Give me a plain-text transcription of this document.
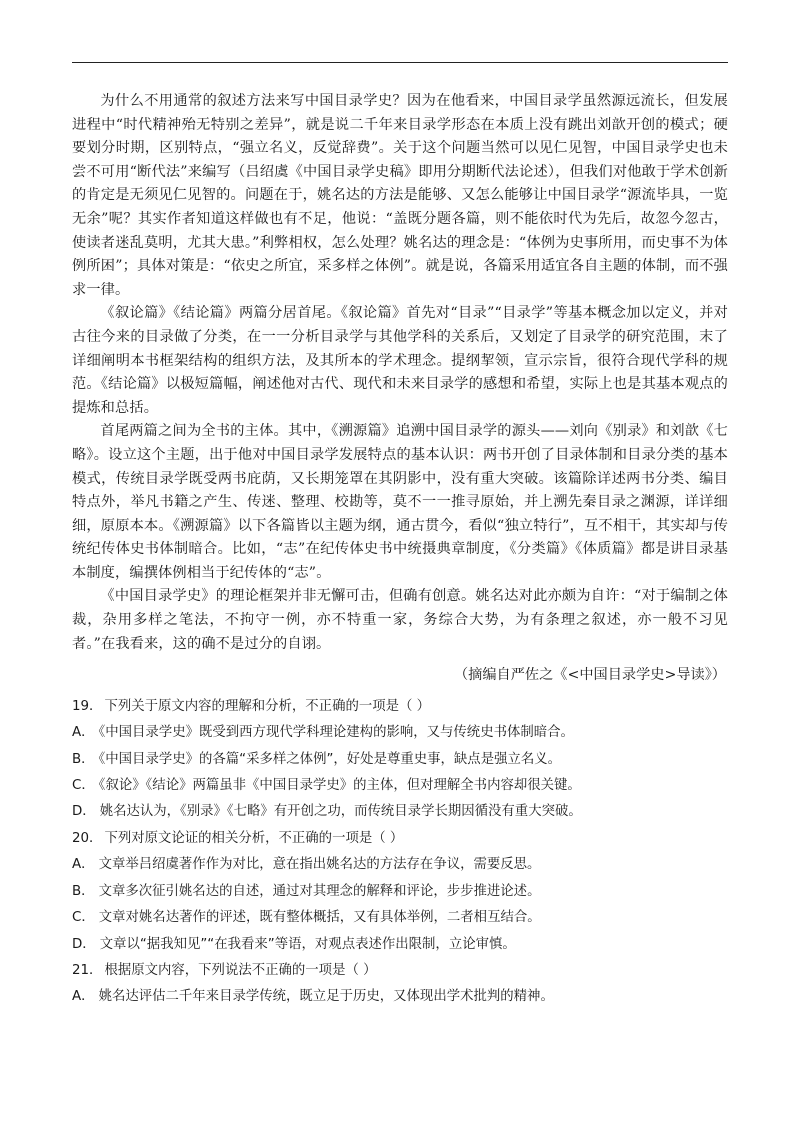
为什么不用通常的叙述方法来写中国目录学史？因为在他看来，中国目录学虽然源远流长，但发展进程中“时代精神殆无特别之差异”，就是说二千年来目录学形态在本质上没有跳出刘歆开创的模式；硬要划分时期，区别特点，“强立名义，反觉辞费”。关于这个问题当然可以见仁见智，中国目录学史也未尝不可用“断代法”来编写（吕绍虞《中国目录学史稿》即用分期断代法论述），但我们对他敢于学术创新的肯定是无须见仁见智的。问题在于，姚名达的方法是能够、又怎么能够让中国目录学“源流毕具，一览无余”呢？其实作者知道这样做也有不足，他说：“盖既分题各篇，则不能依时代为先后，故忽今忽古，使读者迷乱莫明，尤其大患。”利弊相权，怎么处理？姚名达的理念是：“体例为史事所用，而史事不为体例所困”；具体对策是：“依史之所宜，采多样之体例”。就是说，各篇采用适宜各自主题的体制，而不强求一律。

《叙论篇》《结论篇》两篇分居首尾。《叙论篇》首先对“目录”“目录学”等基本概念加以定义，并对古往今来的目录做了分类，在一一分析目录学与其他学科的关系后，又划定了目录学的研究范围，末了详细阐明本书框架结构的组织方法，及其所本的学术理念。提纲挈领，宣示宗旨，很符合现代学科的规范。《结论篇》以极短篇幅，阐述他对古代、现代和未来目录学的感想和希望，实际上也是其基本观点的提炼和总括。

首尾两篇之间为全书的主体。其中，《溯源篇》追溯中国目录学的源头——刘向《别录》和刘歆《七略》。设立这个主题，出于他对中国目录学发展特点的基本认识：两书开创了目录体制和目录分类的基本模式，传统目录学既受两书庇荫，又长期笼罩在其阴影中，没有重大突破。该篇除详述两书分类、编目特点外，举凡书籍之产生、传迷、整理、校勘等，莫不一一推寻原始，并上溯先秦目录之渊源，详详细细，原原本本。《溯源篇》以下各篇皆以主题为纲，通古贯今，看似“独立特行”，互不相干，其实却与传统纪传体史书体制暗合。比如，“志”在纪传体史书中统摄典章制度，《分类篇》《体质篇》都是讲目录基本制度，编撰体例相当于纪传体的“志”。

《中国目录学史》的理论框架并非无懈可击，但确有创意。姚名达对此亦颇为自许：“对于编制之体裁，杂用多样之笔法，不拘守一例，亦不特重一家，务综合大势，为有条理之叙述，亦一般不习见者。”在我看来，这的确不是过分的自诩。

（摘编自严佐之《<中国目录学史>导读》）
19． 下列关于原文内容的理解和分析，不正确的一项是（ ）
A． 《中国目录学史》既受到西方现代学科理论建构的影响，又与传统史书体制暗合。
B． 《中国目录学史》的各篇“采多样之体例”，好处是尊重史事，缺点是强立名义。
C． 《叙论》《结论》两篇虽非《中国目录学史》的主体，但对理解全书内容却很关键。
D． 姚名达认为，《别录》《七略》有开创之功，而传统目录学长期因循没有重大突破。
20． 下列对原文论证的相关分析，不正确的一项是（ ）
A． 文章举吕绍虞著作作为对比，意在指出姚名达的方法存在争议，需要反思。
B． 文章多次征引姚名达的自述，通过对其理念的解释和评论，步步推进论述。
C． 文章对姚名达著作的评述，既有整体概括，又有具体举例，二者相互结合。
D． 文章以“据我知见”“在我看来”等语，对观点表述作出限制，立论审慎。
21． 根据原文内容，下列说法不正确的一项是（ ）
A． 姚名达评估二千年来目录学传统，既立足于历史，又体现出学术批判的精神。
